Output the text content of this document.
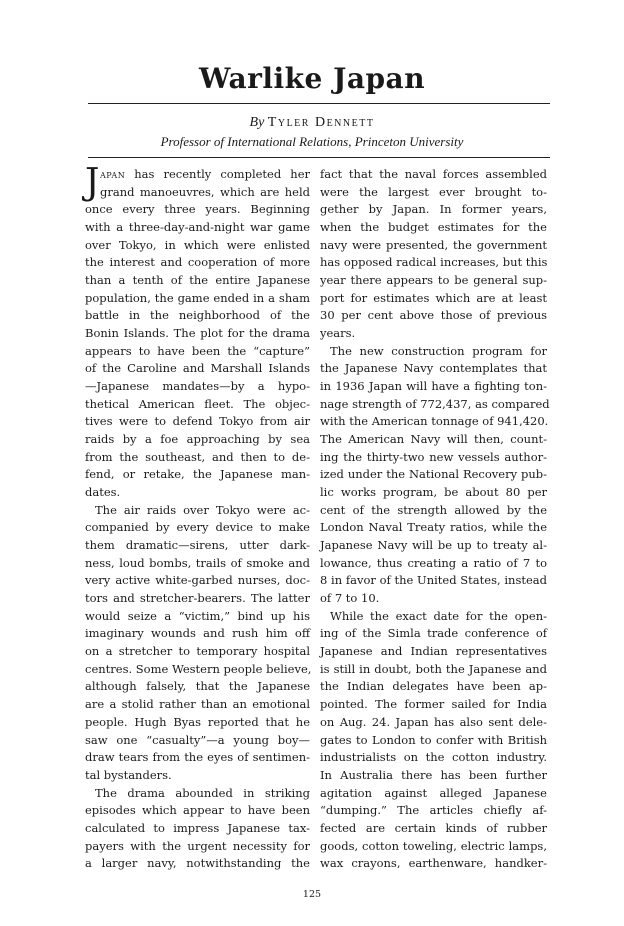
Warlike Japan
By Tyler Dennett
Professor of International Relations, Princeton University
J apan has recently completed her
grand manoeuvres, which are held
once every three years. Beginning
with a three-day-and-night war game
over Tokyo, in which were enlisted
the interest and cooperation of more
than a tenth of the entire Japanese
population, the game ended in a sham
battle in the neighborhood of the
Bonin Islands. The plot for the drama
appears to have been the “capture”
of the Caroline and Marshall Islands
—Japanese mandates—by a hypo-
thetical American fleet. The objec-
tives were to defend Tokyo from air
raids by a foe approaching by sea
from the southeast, and then to de-
fend, or retake, the Japanese man-
dates.
The air raids over Tokyo were ac-
companied by every device to make
them dramatic—sirens, utter dark-
ness, loud bombs, trails of smoke and
very active white-garbed nurses, doc-
tors and stretcher-bearers. The latter
would seize a “victim,” bind up his
imaginary wounds and rush him off
on a stretcher to temporary hospital
centres. Some Western people believe,
although falsely, that the Japanese
are a stolid rather than an emotional
people. Hugh Byas reported that he
saw one “casualty”—a young boy—
draw tears from the eyes of sentimen-
tal bystanders.
The drama abounded in striking
episodes which appear to have been
calculated to impress Japanese tax-
payers with the urgent necessity for
a larger navy, notwithstanding the
fact that the naval forces assembled
were the largest ever brought to-
gether by Japan. In former years,
when the budget estimates for the
navy were presented, the government
has opposed radical increases, but this
year there appears to be general sup-
port for estimates which are at least
30 per cent above those of previous
years.
The new construction program for
the Japanese Navy contemplates that
in 1936 Japan will have a fighting ton-
nage strength of 772,437, as compared
with the American tonnage of 941,420.
The American Navy will then, count-
ing the thirty-two new vessels author-
ized under the National Recovery pub-
lic works program, be about 80 per
cent of the strength allowed by the
London Naval Treaty ratios, while the
Japanese Navy will be up to treaty al-
lowance, thus creating a ratio of 7 to
8 in favor of the United States, instead
of 7 to 10.
While the exact date for the open-
ing of the Simla trade conference of
Japanese and Indian representatives
is still in doubt, both the Japanese and
the Indian delegates have been ap-
pointed. The former sailed for India
on Aug. 24. Japan has also sent dele-
gates to London to confer with British
industrialists on the cotton industry.
In Australia there has been further
agitation against alleged Japanese
“dumping.” The articles chiefly af-
fected are certain kinds of rubber
goods, cotton toweling, electric lamps,
wax crayons, earthenware, handker-
125
